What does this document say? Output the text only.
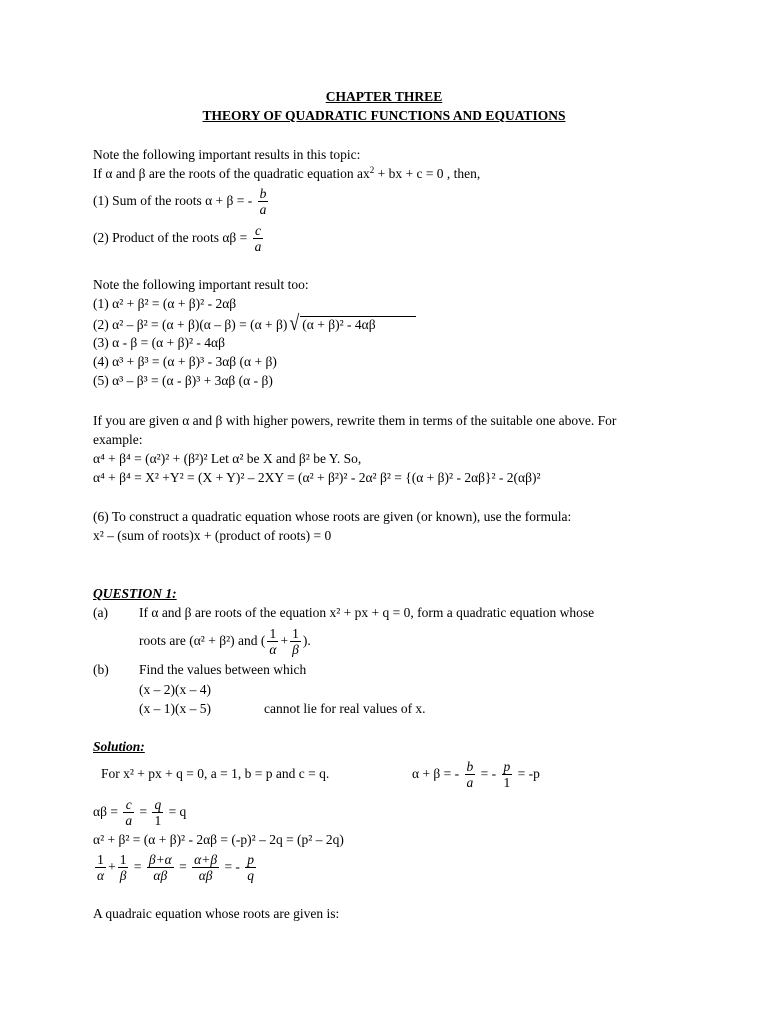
CHAPTER THREE
THEORY OF QUADRATIC FUNCTIONS AND EQUATIONS
Note the following important results in this topic:
If α and β are the roots of the quadratic equation $ax^2$ + bx + c = 0 , then,
(1) Sum of the roots α + β = - $\frac{b}{a}$
(2) Product of the roots $\alpha\beta = \frac{c}{a}$
Note the following important result too:
(1) α² + β² = (α + β)² - 2αβ
(2) α² – β² = (α + β)(α – β) = (α + β) √ (α + β)² - 4αβ
(3) α - β = (α + β)² - 4αβ
(4) α³ + β³ = (α + β)³ - 3αβ (α + β)
(5) α³ – β³ = (α - β)³ + 3αβ (α - β)
If you are given α and β with higher powers, rewrite them in terms of the suitable one above. For
example:
α⁴ + β⁴ = (α²)² + (β²)² Let α² be X and β² be Y. So,
α⁴ + β⁴ = X² +Y² = (X + Y)² – 2XY = (α² + β²)² - 2α² β² = {(α + β)² - 2αβ}² - 2(αβ)²
(6) To construct a quadratic equation whose roots are given (or known), use the formula:
x² – (sum of roots)x + (product of roots) = 0
QUESTION 1:
(a) If α and β are roots of the equation x² + px + q = 0, form a quadratic equation whose
roots are (α² + β²) and ( $\frac{1}{\alpha} + \frac{1}{\beta}$ ).
(b) Find the values between which
(x – 2)(x – 4)
(x – 1)(x – 5)	cannot lie for real values of x.
Solution:
For x² + px + q = 0, a = 1, b = p and c = q.	α + β = - $\frac{b}{a}$ = - $\frac{p}{1} = -p$
$\alpha\beta = \frac{c}{a} = \frac{q}{1} = q$
α² + β² = (α + β)² - 2αβ = (-p)² – 2q = (p² – 2q)
$\frac{1}{\alpha} + \frac{1}{\beta} = \frac{\beta+\alpha}{\alpha\beta} = \frac{\alpha+\beta}{\alpha\beta}$ = - $\frac{p}{q}$
A quadraic equation whose roots are given is:
